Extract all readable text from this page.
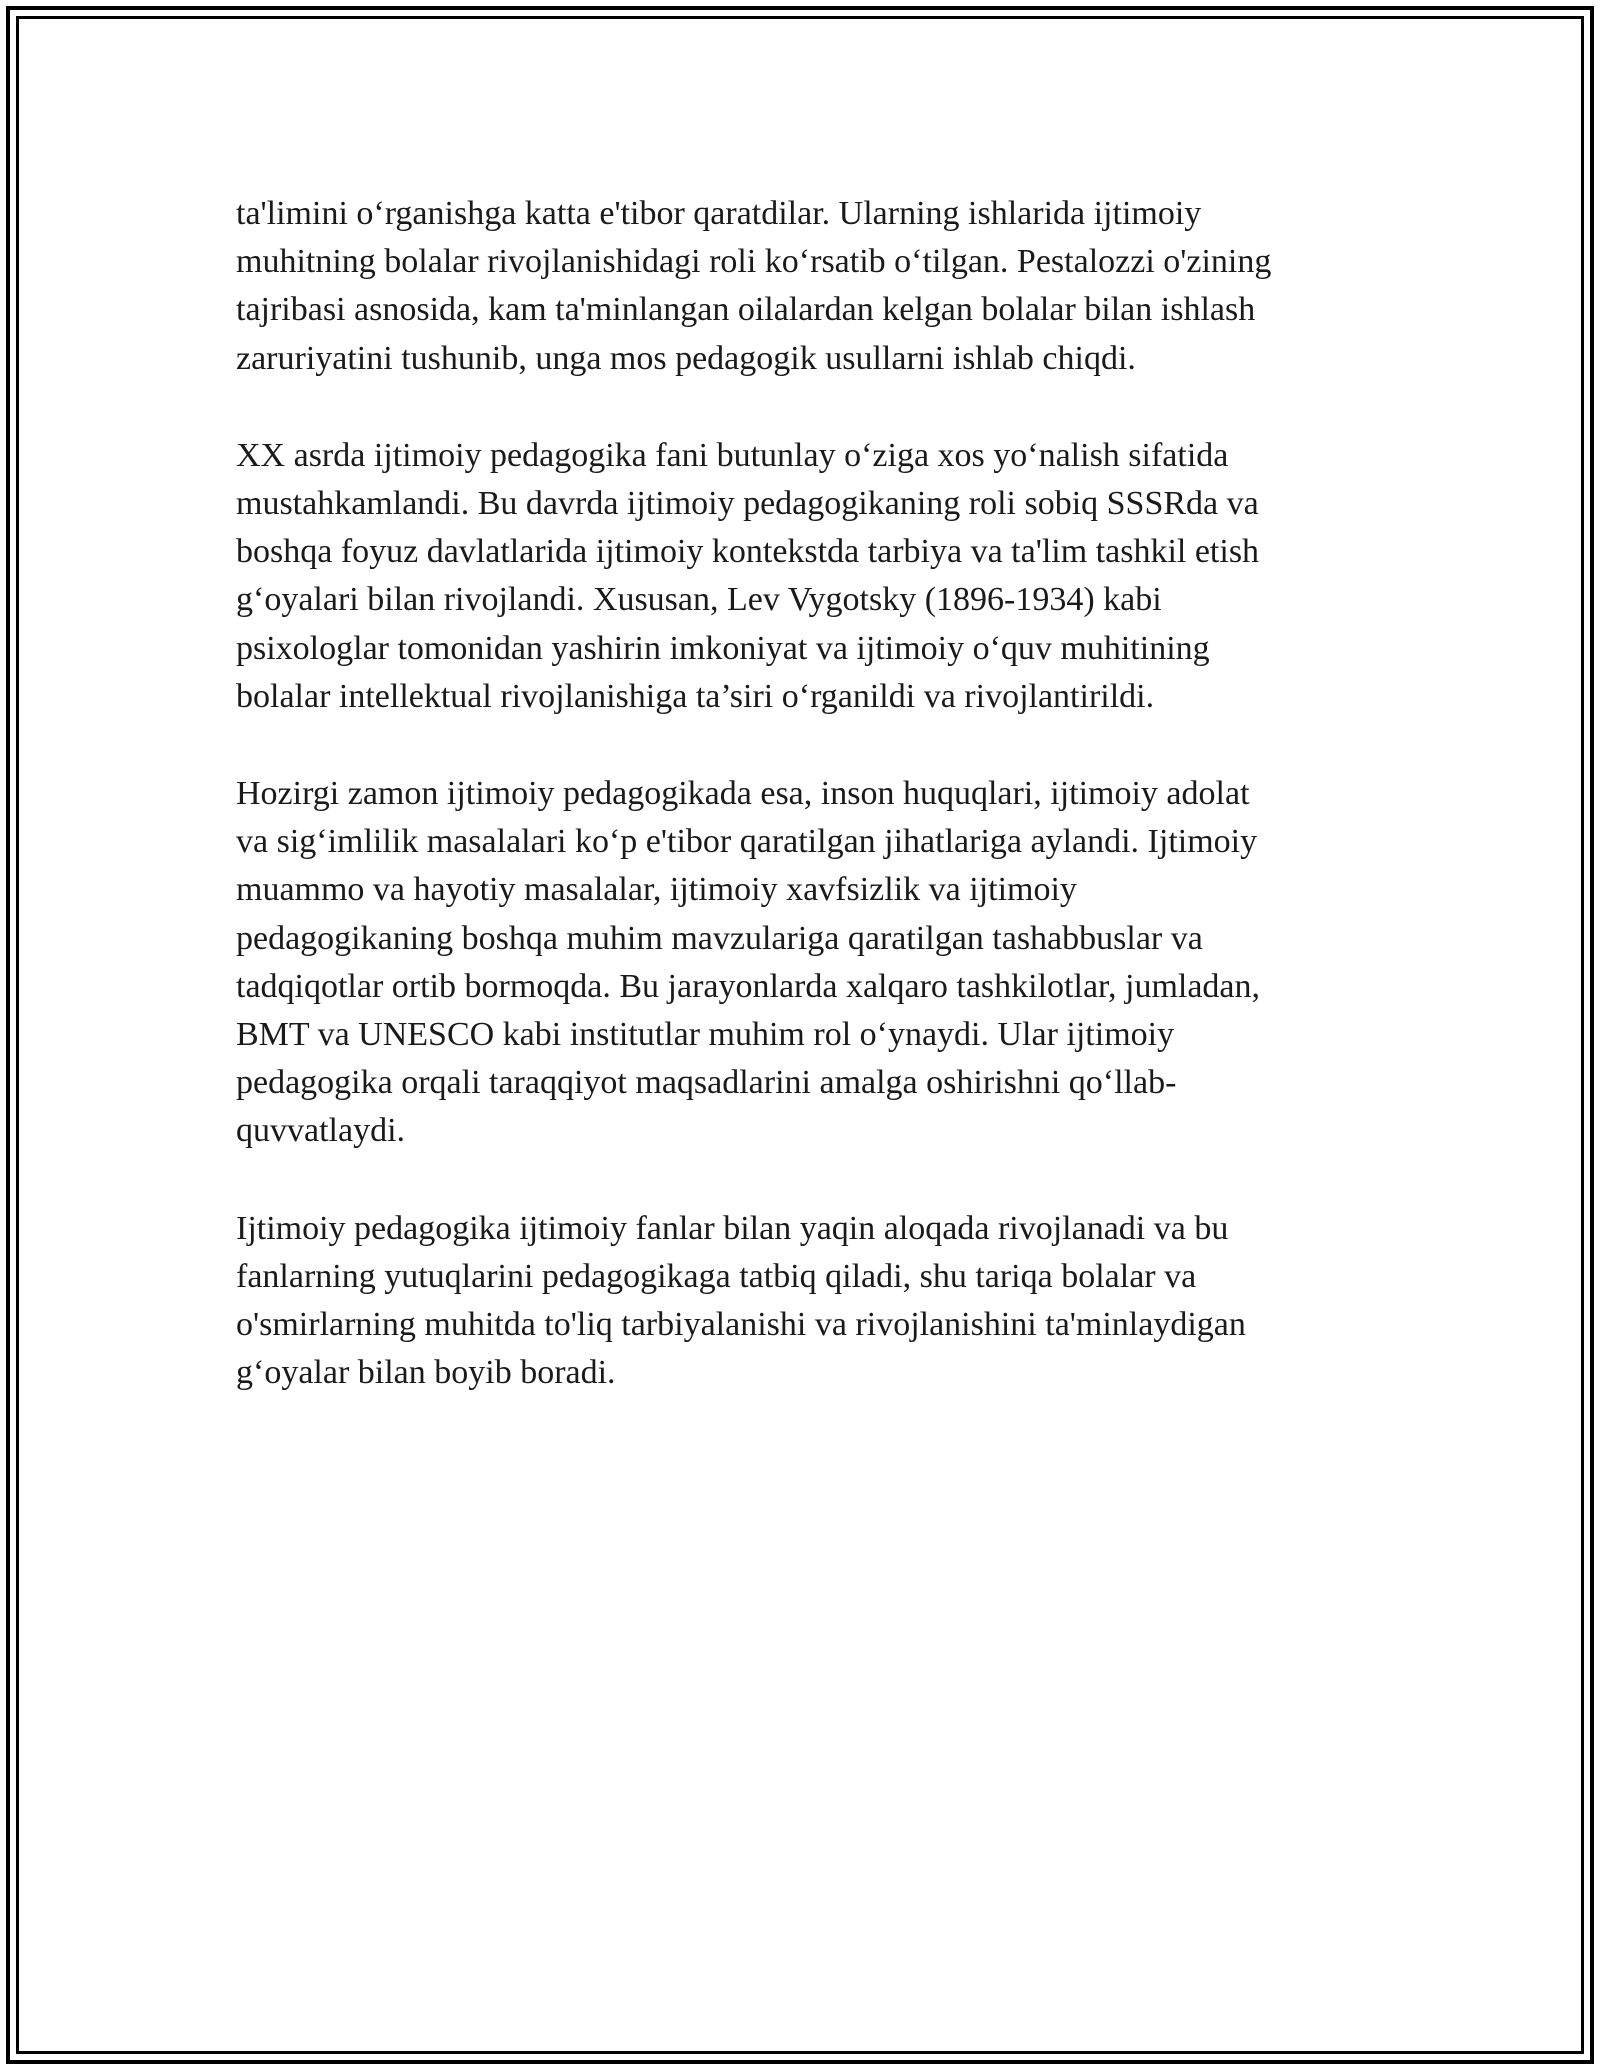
ta'limini o‘rganishga katta e'tibor qaratdilar. Ularning ishlarida ijtimoiy
muhitning bolalar rivojlanishidagi roli ko‘rsatib o‘tilgan. Pestalozzi o'zining
tajribasi asnosida, kam ta'minlangan oilalardan kelgan bolalar bilan ishlash
zaruriyatini tushunib, unga mos pedagogik usullarni ishlab chiqdi.

XX asrda ijtimoiy pedagogika fani butunlay o‘ziga xos yo‘nalish sifatida
mustahkamlandi. Bu davrda ijtimoiy pedagogikaning roli sobiq SSSRda va
boshqa foyuz davlatlarida ijtimoiy kontekstda tarbiya va ta'lim tashkil etish
g‘oyalari bilan rivojlandi. Xususan, Lev Vygotsky (1896-1934) kabi
psixologlar tomonidan yashirin imkoniyat va ijtimoiy o‘quv muhitining
bolalar intellektual rivojlanishiga ta’siri o‘rganildi va rivojlantirildi.

Hozirgi zamon ijtimoiy pedagogikada esa, inson huquqlari, ijtimoiy adolat
va sig‘imlilik masalalari ko‘p e'tibor qaratilgan jihatlariga aylandi. Ijtimoiy
muammo va hayotiy masalalar, ijtimoiy xavfsizlik va ijtimoiy
pedagogikaning boshqa muhim mavzulariga qaratilgan tashabbuslar va
tadqiqotlar ortib bormoqda. Bu jarayonlarda xalqaro tashkilotlar, jumladan,
BMT va UNESCO kabi institutlar muhim rol o‘ynaydi. Ular ijtimoiy
pedagogika orqali taraqqiyot maqsadlarini amalga oshirishni qo‘llab-
quvvatlaydi.

Ijtimoiy pedagogika ijtimoiy fanlar bilan yaqin aloqada rivojlanadi va bu
fanlarning yutuqlarini pedagogikaga tatbiq qiladi, shu tariqa bolalar va
o'smirlarning muhitda to'liq tarbiyalanishi va rivojlanishini ta'minlaydigan
g‘oyalar bilan boyib boradi.
